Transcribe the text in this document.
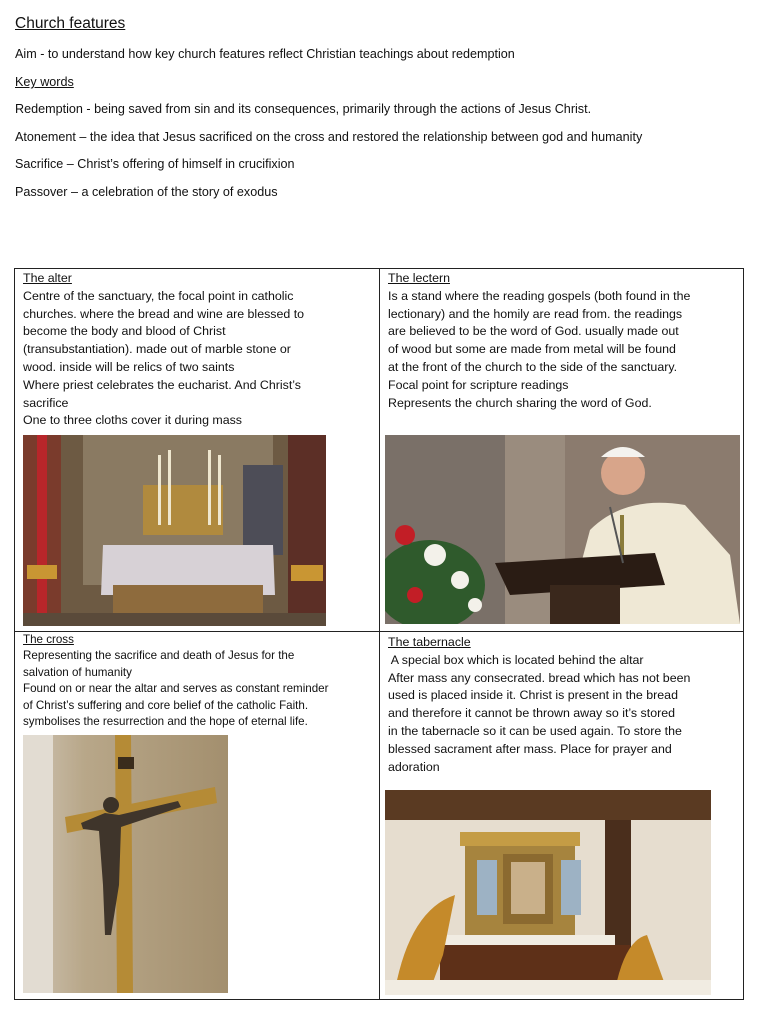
Church features

Aim - to understand how key church features reflect Christian teachings about redemption

Key words

Redemption - being saved from sin and its consequences, primarily through the actions of Jesus Christ.

Atonement – the idea that Jesus sacrificed on the cross and restored the relationship between god and humanity

Sacrifice – Christ’s offering of himself in crucifixion

Passover – a celebration of the story of exodus

The alter

Centre of the sanctuary, the focal point in catholic

churches. where the bread and wine are blessed to

become the body and blood of Christ

(transubstantiation). made out of marble stone or

wood. inside will be relics of two saints

Where priest celebrates the eucharist. And Christ’s

sacrifice

One to three cloths cover it during mass

The lectern

Is a stand where the reading gospels (both found in the

lectionary) and the homily are read from. the readings

are believed to be the word of God. usually made out

of wood but some are made from metal will be found

at the front of the church to the side of the sanctuary.

Focal point for scripture readings

Represents the church sharing the word of God.

The cross

Representing the sacrifice and death of Jesus for the

salvation of humanity

Found on or near the altar and serves as constant reminder

of Christ’s suffering and core belief of the catholic Faith.

symbolises the resurrection and the hope of eternal life.

The tabernacle

A special box which is located behind the altar

After mass any consecrated. bread which has not been

used is placed inside it. Christ is present in the bread

and therefore it cannot be thrown away so it’s stored

in the tabernacle so it can be used again. To store the

blessed sacrament after mass. Place for prayer and

adoration
